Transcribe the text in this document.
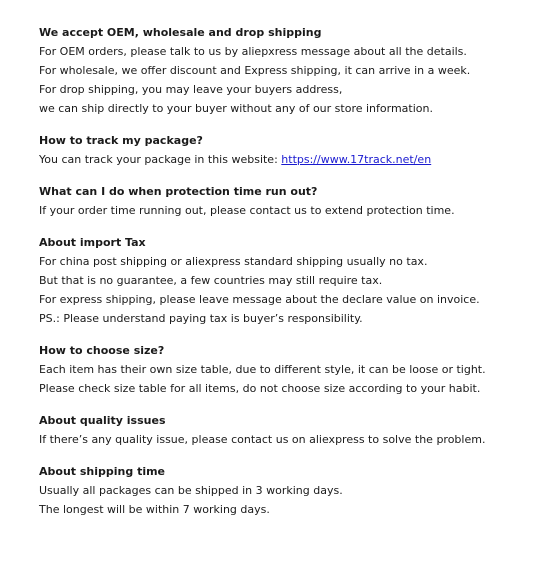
We accept OEM, wholesale and drop shipping
For OEM orders, please talk to us by aliepxress message about all the details.
For wholesale, we offer discount and Express shipping, it can arrive in a week.
For drop shipping, you may leave your buyers address,
we can ship directly to your buyer without any of our store information.
How to track my package?
You can track your package in this website: https://www.17track.net/en
What can I do when protection time run out?
If your order time running out, please contact us to extend protection time.
About import Tax
For china post shipping or aliexpress standard shipping usually no tax.
But that is no guarantee, a few countries may still require tax.
For express shipping, please leave message about the declare value on invoice.
PS.: Please understand paying tax is buyer’s responsibility.
How to choose size?
Each item has their own size table, due to different style, it can be loose or tight.
Please check size table for all items, do not choose size according to your habit.
About quality issues
If there’s any quality issue, please contact us on aliexpress to solve the problem.
About shipping time
Usually all packages can be shipped in 3 working days.
The longest will be within 7 working days.
